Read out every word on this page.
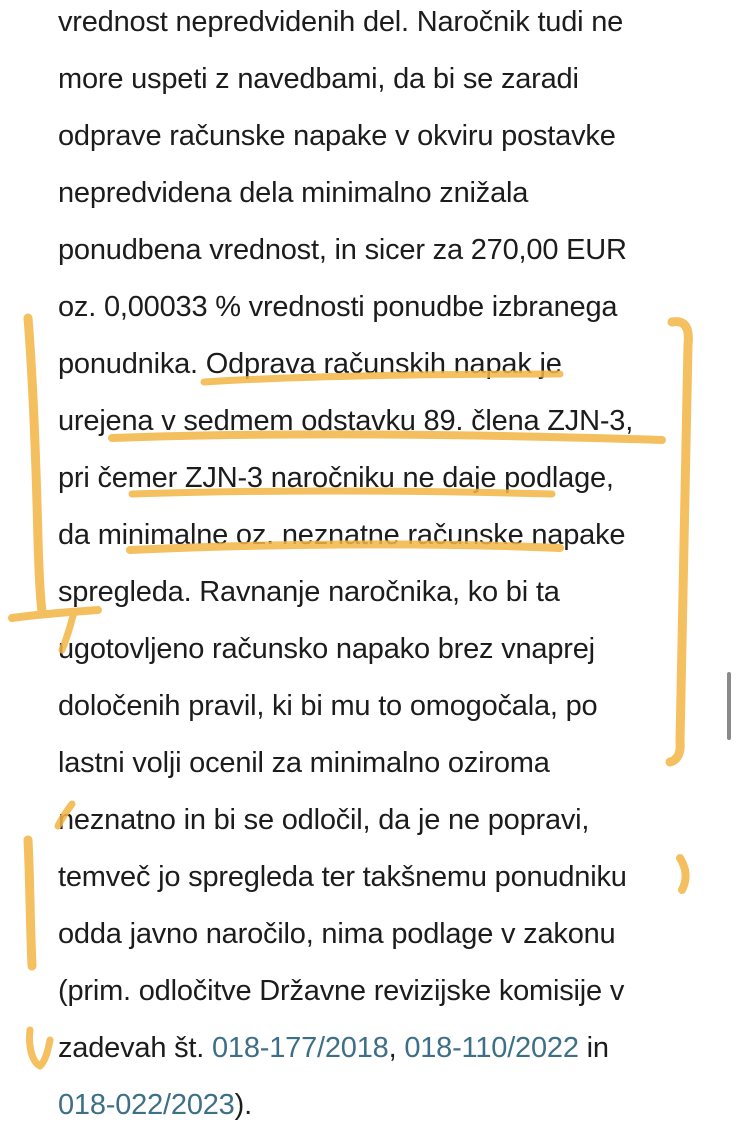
vrednost nepredvidenih del. Naročnik tudi ne
more uspeti z navedbami, da bi se zaradi
odprave računske napake v okviru postavke
nepredvidena dela minimalno znižala
ponudbena vrednost, in sicer za 270,00 EUR
oz. 0,00033 % vrednosti ponudbe izbranega
ponudnika. Odprava računskih napak je
urejena v sedmem odstavku 89. člena ZJN-3,
pri čemer ZJN-3 naročniku ne daje podlage,
da minimalne oz. neznatne računske napake
spregleda. Ravnanje naročnika, ko bi ta
ugotovljeno računsko napako brez vnaprej
določenih pravil, ki bi mu to omogočala, po
lastni volji ocenil za minimalno oziroma
neznatno in bi se odločil, da je ne popravi,
temveč jo spregleda ter takšnemu ponudniku
odda javno naročilo, nima podlage v zakonu
(prim. odločitve Državne revizijske komisije v
zadevah št. 018-177/2018, 018-110/2022 in
018-022/2023).
